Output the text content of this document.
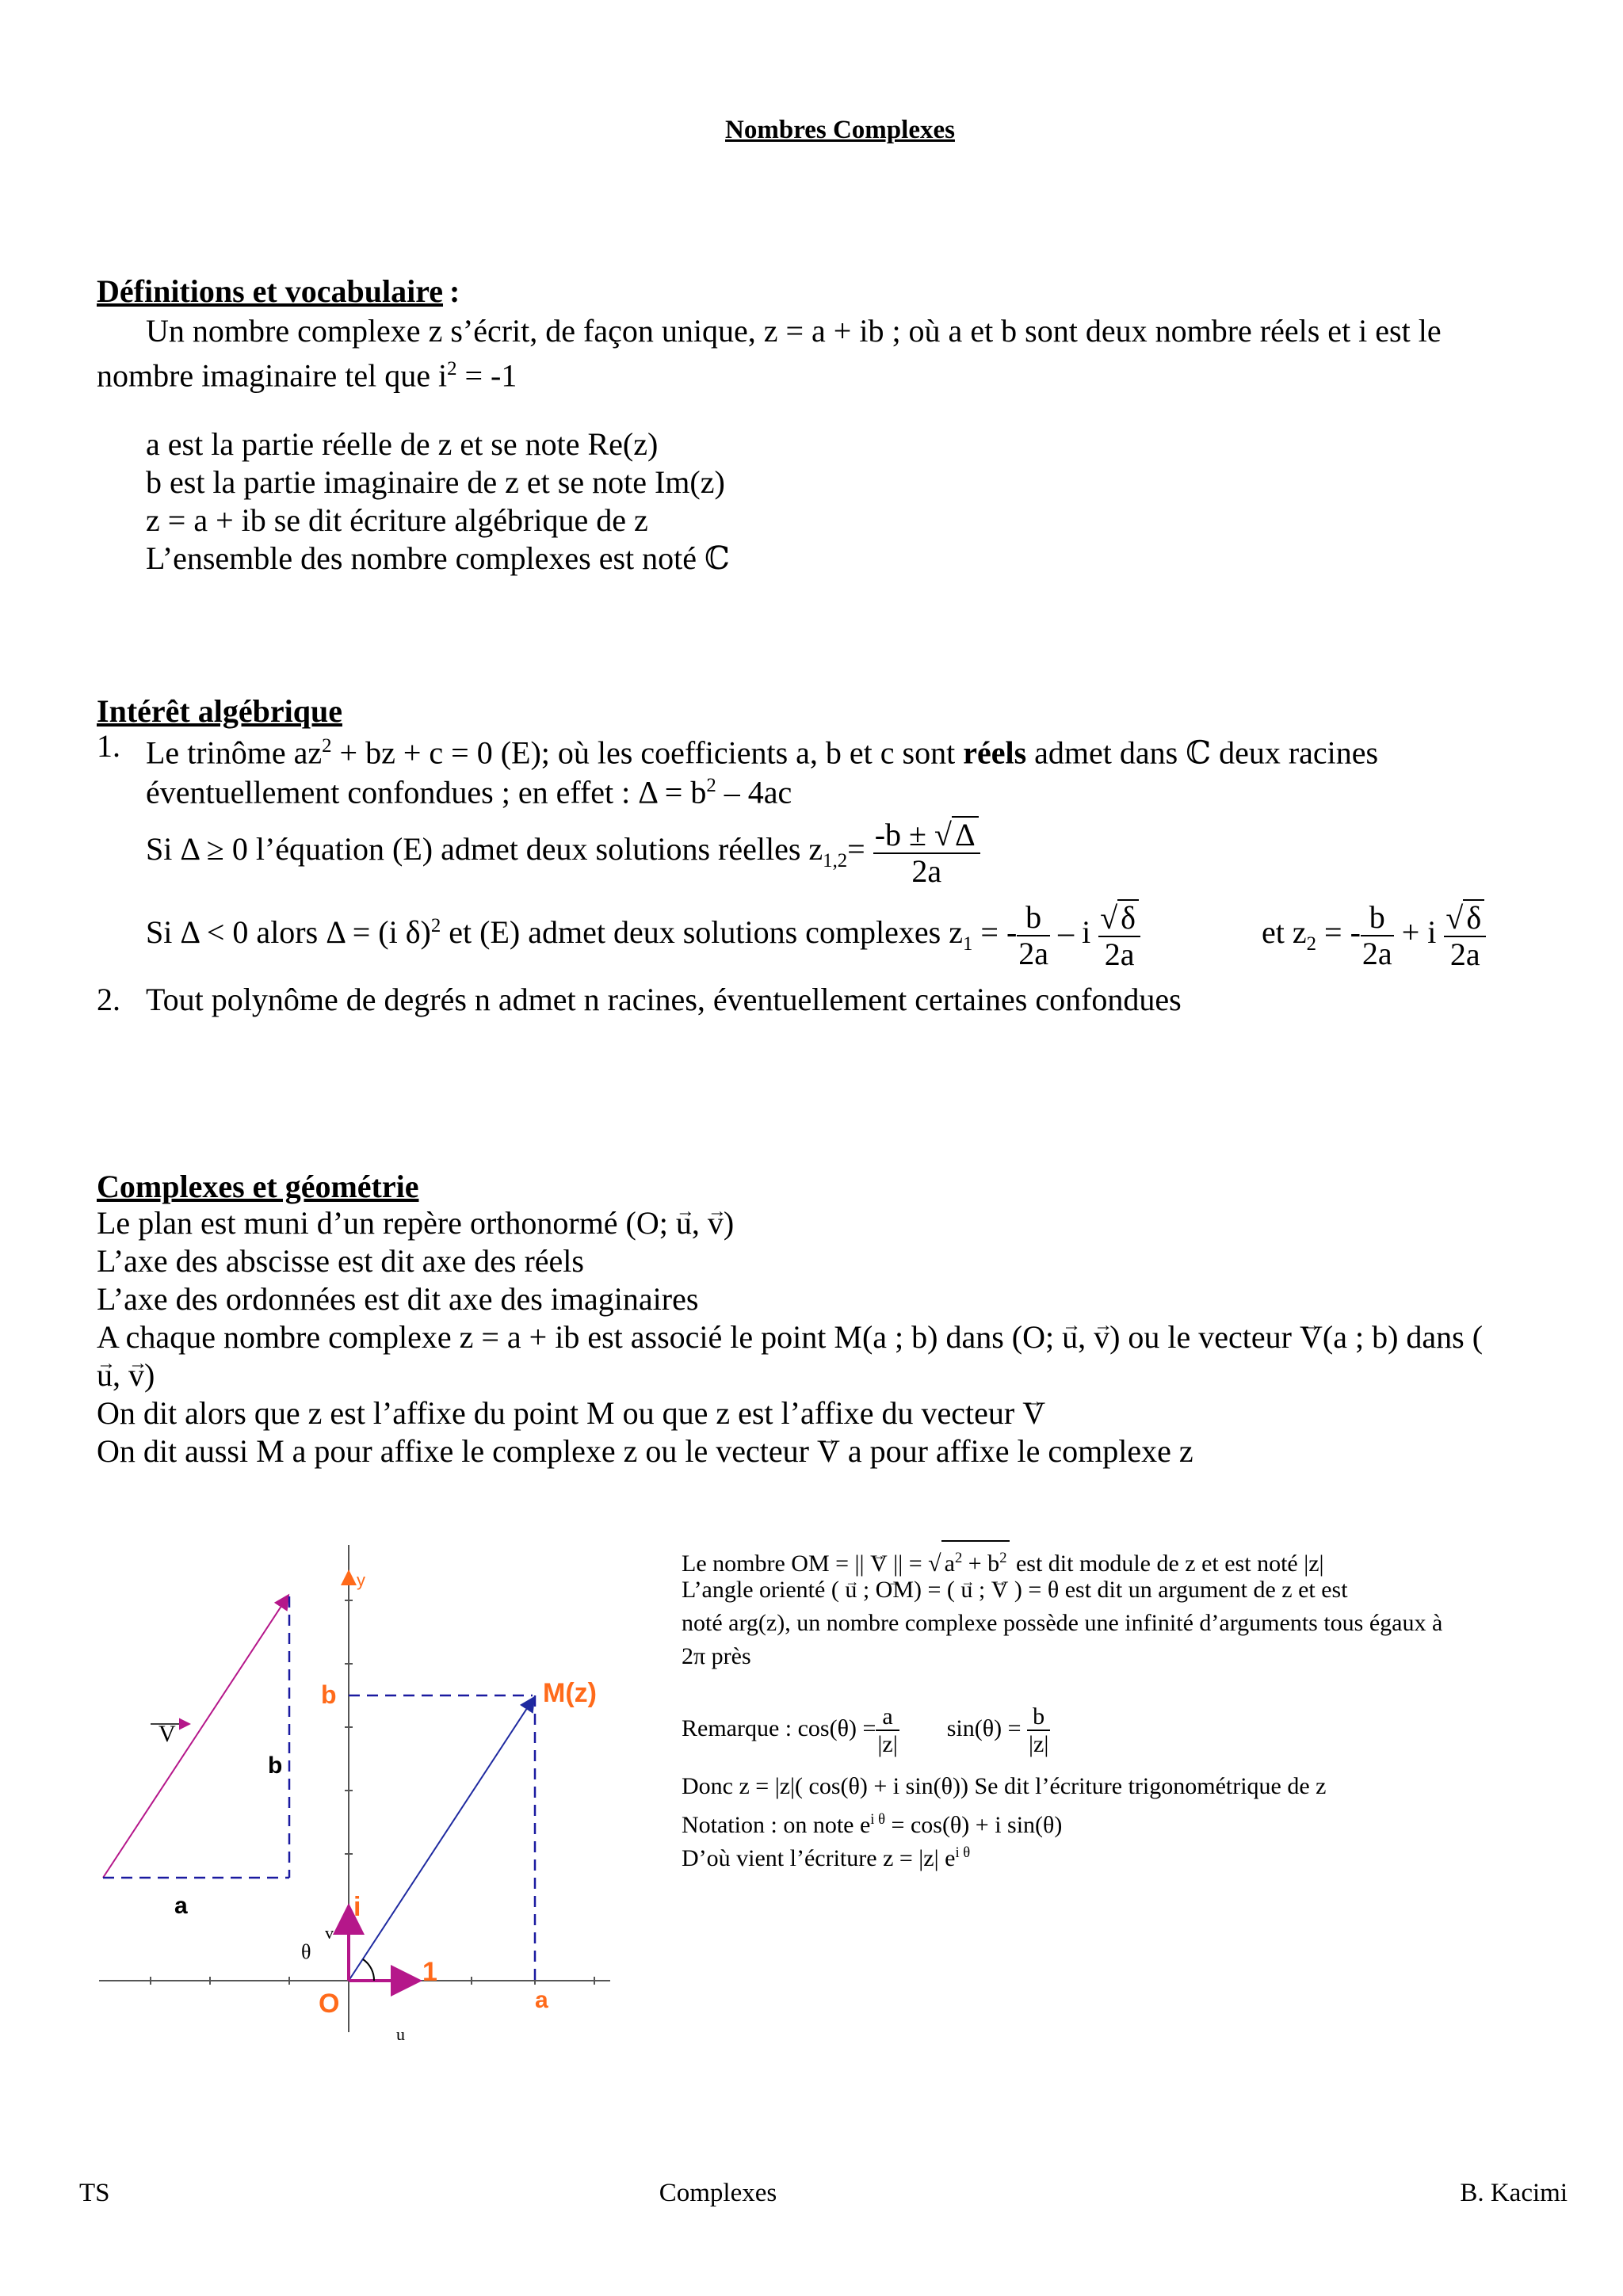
Nombres Complexes
Définitions et vocabulaire :
Un nombre complexe z s’écrit, de façon unique, z = a + ib ; où a et b sont deux nombre réels et i est le
nombre imaginaire tel que $i^2 = -1$
a est la partie réelle de z et se note Re(z)
b est la partie imaginaire de z et se note Im(z)
z = a + ib se dit écriture algébrique de z
L’ensemble des nombre complexes est noté ℂ
Intérêt algébrique
1. Le trinôme $az^2$ + bz + c = 0 (E); où les coefficients a, b et c sont réels admet dans ℂ deux racines
éventuellement confondues ; en effet : $\Delta = b^2 - 4ac$
Si Δ ≥ 0 l’équation (E) admet deux solutions réelles $z_{1,2}= \frac{-b \pm √ \Delta}{2a}$
Si Δ < 0 alors Δ = (i δ)$^2$ et (E) admet deux solutions complexes $z_1$ = - $\frac{b}{2a}$ – i $\frac{√ \delta}{2a}$	et $z_2$ = - $\frac{b}{2a} + i \frac{√ \delta}{2a}$
2. Tout polynôme de degrés n admet n racines, éventuellement certaines confondues
Complexes et géométrie
Le plan est muni d’un repère orthonormé (O; → u, → v)
L’axe des abscisse est dit axe des réels
L’axe des ordonnées est dit axe des imaginaires
A chaque nombre complexe z = a + ib est associé le point M(a ; b) dans (O; → u, → v) ou le vecteur → V(a ; b) dans (
→ u, → v)
On dit alors que z est l’affixe du point M ou que z est l’affixe du vecteur → V
On dit aussi M a pour affixe le complexe z ou le vecteur → V a pour affixe le complexe z
y
b	M(z)
V
b
a	i
v
θ
1
O	a
u
Le nombre OM = || → V || = √ $a^2 + b^2$ est dit module de z et est noté |z|
L’angle orienté ( → u ; → OM) = ( → u ; → V ) = θ est dit un argument de z et est
noté arg(z), un nombre complexe possède une infinité d’arguments tous égaux à
2π près
Remarque : $\cos(\theta) = \frac{a}{|z|} \sin(\theta) = \frac{b}{|z|}$
Donc z = |z|( cos(θ) + i sin(θ)) Se dit l’écriture trigonométrique de z
Notation : on note $e^{i \theta} = \cos(\theta) + i$ sin(θ)
D’où vient l’écriture z = |z| $e^{i \theta}$
TS	Complexes	B. Kacimi
